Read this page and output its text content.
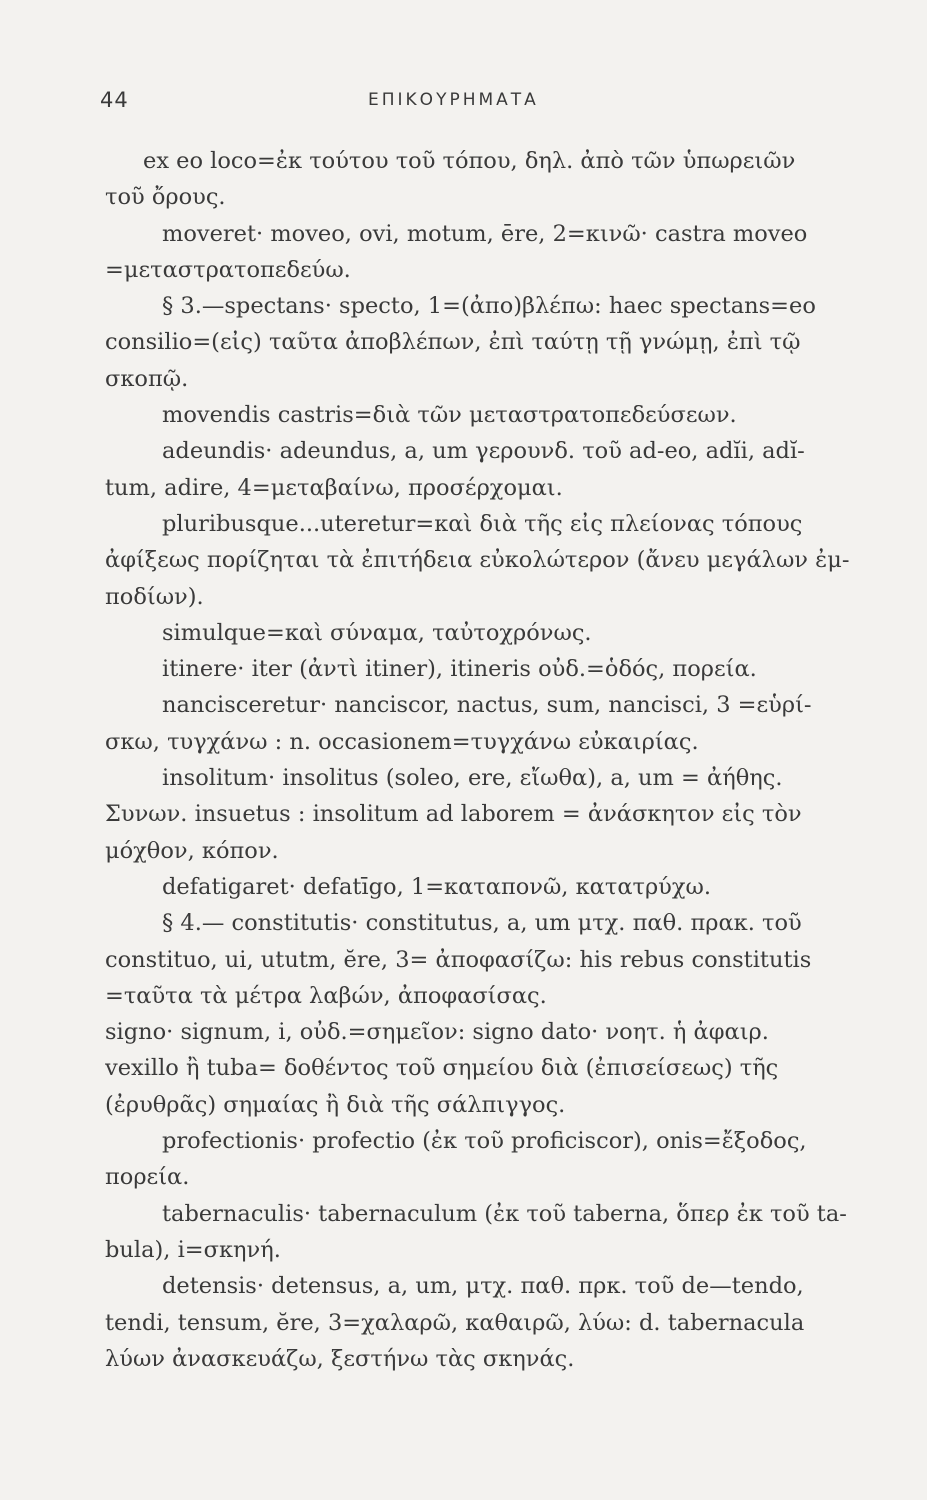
44	ΕΠΙΚΟΥΡΗΜΑΤΑ
ex eo loco=ἐκ τούτου τοῦ τόπου, δηλ. ἀπὸ τῶν ὑπωρειῶν
τοῦ ὄρους.
moveret· moveo, ovi, motum, ēre, 2=κινῶ· castra moveo
=μεταστρατοπεδεύω.
§ 3.—spectans· specto, 1=(ἀπο)βλέπω: haec spectans=eo
consilio=(εἰς) ταῦτα ἀποβλέπων, ἐπὶ ταύτῃ τῇ γνώμῃ, ἐπὶ τῷ
σκοπῷ.
movendis castris=διὰ τῶν μεταστρατοπεδεύσεων.
adeundis· adeundus, a, um γερουνδ. τοῦ ad-eo, adĭi, adĭ-
tum, adire, 4=μεταβαίνω, προσέρχομαι.
pluribusque...uteretur=καὶ διὰ τῆς εἰς πλείονας τόπους
ἀφίξεως πορίζηται τὰ ἐπιτήδεια εὐκολώτερον (ἄνευ μεγάλων ἐμ-
ποδίων).
simulque=καὶ σύναμα, ταὐτοχρόνως.
itinere· iter (ἀντὶ itiner), itineris οὐδ.=ὁδός, πορεία.
nancisceretur· nanciscor, nactus, sum, nancisci, 3 =εὑρί-
σκω, τυγχάνω : n. occasionem=τυγχάνω εὐκαιρίας.
insolitum· insolitus (soleo, ere, εἴωθα), a, um = ἀήθης.
Συνων. insuetus : insolitum ad laborem = ἀνάσκητον εἰς τὸν
μόχθον, κόπον.
defatigaret· defatīgo, 1=καταπονῶ, κατατρύχω.
§ 4.— constitutis· constitutus, a, um μτχ. παθ. πρακ. τοῦ
constituo, ui, ututm, ĕre, 3= ἀποφασίζω: his rebus constitutis
=ταῦτα τὰ μέτρα λαβών, ἀποφασίσας.
signo· signum, i, οὐδ.=σημεῖον: signo dato· νοητ. ἡ ἀφαιρ.
vexillo ἢ tuba= δοθέντος τοῦ σημείου διὰ (ἐπισείσεως) τῆς
(ἐρυθρᾶς) σημαίας ἢ διὰ τῆς σάλπιγγος.
profectionis· profectio (ἐκ τοῦ proficiscor), onis=ἔξοδος,
πορεία.
tabernaculis· tabernaculum (ἐκ τοῦ taberna, ὅπερ ἐκ τοῦ ta-
bula), i=σκηνή.
detensis· detensus, a, um, μτχ. παθ. πρκ. τοῦ de—tendo,
tendi, tensum, ĕre, 3=χαλαρῶ, καθαιρῶ, λύω: d. tabernacula
λύων ἀνασκευάζω, ξεστήνω τὰς σκηνάς.
